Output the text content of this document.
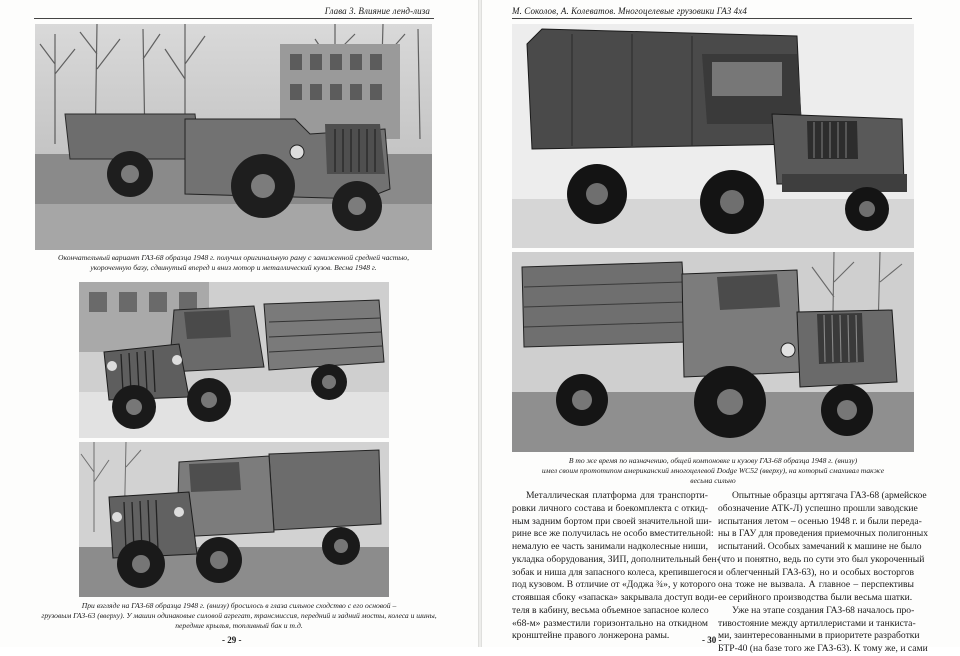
Глава 3. Влияние ленд-лиза
Окончательный вариант ГАЗ-68 образца 1948 г. получил оригинальную раму с заниженной средней частью,
укороченную базу, сдвинутый вперед и вниз мотор и металлический кузов. Весна 1948 г.
При взгляде на ГАЗ-68 образца 1948 г. (внизу) бросилось в глаза сильное сходство с его основой –
грузовым ГАЗ-63 (вверху). У машин одинаковые силовой агрегат, трансмиссия, передний и задний мосты, колеса и шины,
передние крылья, топливный бак и т.д.
- 29 -
М. Соколов, А. Колеватов. Многоцелевые грузовики ГАЗ 4x4
В то же время по назначению, общей компоновке и кузову ГАЗ-68 образца 1948 г. (внизу)
имел своим прототипом американский многоцелевой Dodge WC52 (вверху), на который смахивал также
весьма сильно
Металлическая платформа для транспорти-
ровки личного состава и боекомплекта с откид-
ным задним бортом при своей значительной ши-
рине все же получилась не особо вместительной:
немалую ее часть занимали надколесные ниши,
укладка оборудования, ЗИП, дополнительный бен-
зобак и ниша для запасного колеса, крепившегося
под кузовом. В отличие от «Доджа ¾», у которого
стоявшая сбоку «запаска» закрывала доступ води-
теля в кабину, весьма объемное запасное колесо
«68-м» разместили горизонтально на откидном
кронштейне правого лонжерона рамы.
Опытные образцы арттягача ГАЗ-68 (армейское
обозначение АТК-Л) успешно прошли заводские
испытания летом – осенью 1948 г. и были переда-
ны в ГАУ для проведения приемочных полигонных
испытаний. Особых замечаний к машине не было
(что и понятно, ведь по сути это был укороченный
и облегченный ГАЗ-63), но и особых восторгов
она тоже не вызвала. А главное – перспективы
ее серийного производства были весьма шатки.
Уже на этапе создания ГАЗ-68 началось про-
тивостояние между артиллеристами и танкиста-
ми, заинтересованными в приоритете разработки
БТР-40 (на базе того же ГАЗ-63). К тому же, и сами
- 30 -
